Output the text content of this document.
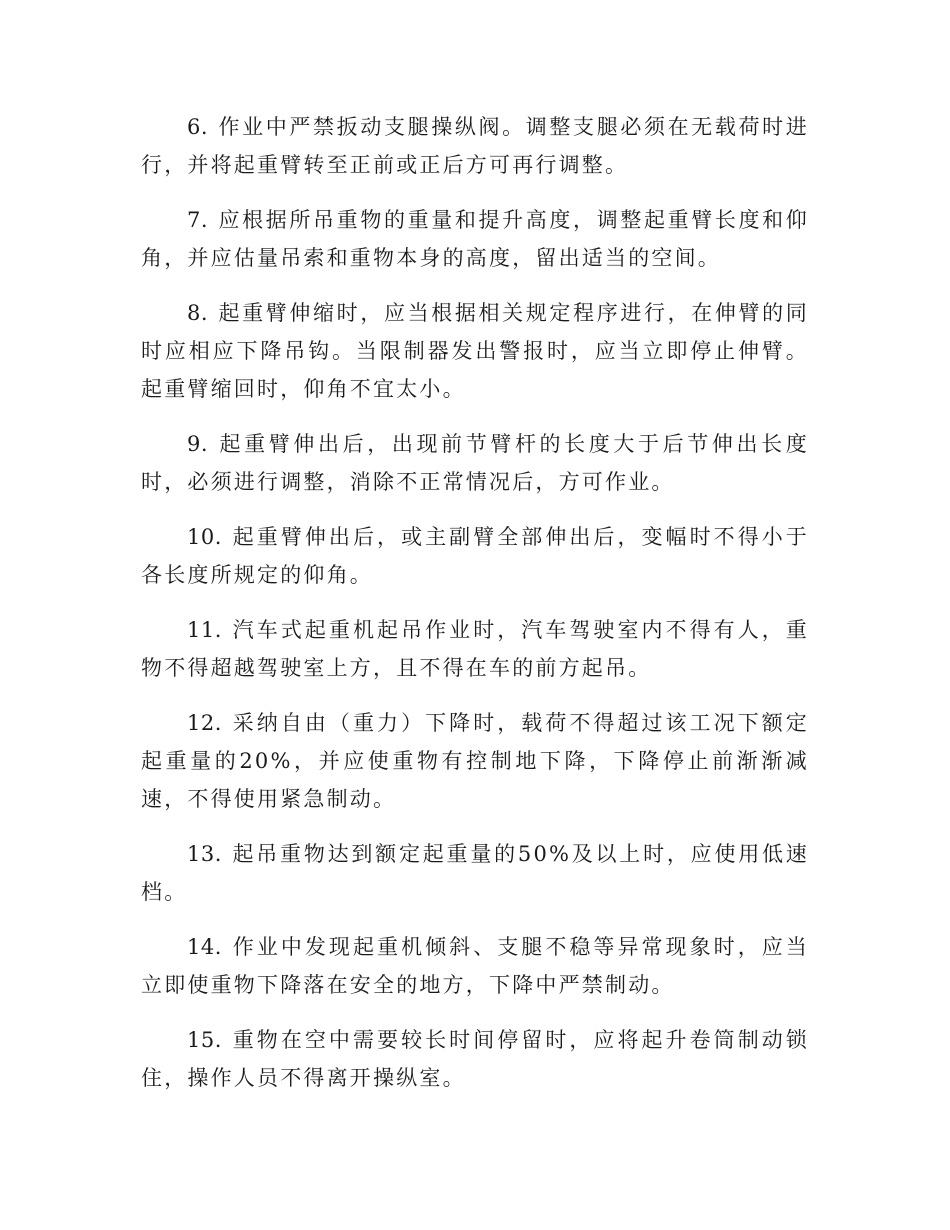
6. 作业中严禁扳动支腿操纵阀。调整支腿必须在无载荷时进行，并将起重臂转至正前或正后方可再行调整。

7. 应根据所吊重物的重量和提升高度，调整起重臂长度和仰角，并应估量吊索和重物本身的高度，留出适当的空间。

8. 起重臂伸缩时，应当根据相关规定程序进行，在伸臂的同时应相应下降吊钩。当限制器发出警报时，应当立即停止伸臂。起重臂缩回时，仰角不宜太小。

9. 起重臂伸出后，出现前节臂杆的长度大于后节伸出长度时，必须进行调整，消除不正常情况后，方可作业。

10. 起重臂伸出后，或主副臂全部伸出后，变幅时不得小于各长度所规定的仰角。

11. 汽车式起重机起吊作业时，汽车驾驶室内不得有人，重物不得超越驾驶室上方，且不得在车的前方起吊。

12. 采纳自由（重力）下降时，载荷不得超过该工况下额定起重量的20%，并应使重物有控制地下降，下降停止前渐渐减速，不得使用紧急制动。

13. 起吊重物达到额定起重量的50%及以上时，应使用低速档。

14. 作业中发现起重机倾斜、支腿不稳等异常现象时，应当立即使重物下降落在安全的地方，下降中严禁制动。

15. 重物在空中需要较长时间停留时，应将起升卷筒制动锁住，操作人员不得离开操纵室。
